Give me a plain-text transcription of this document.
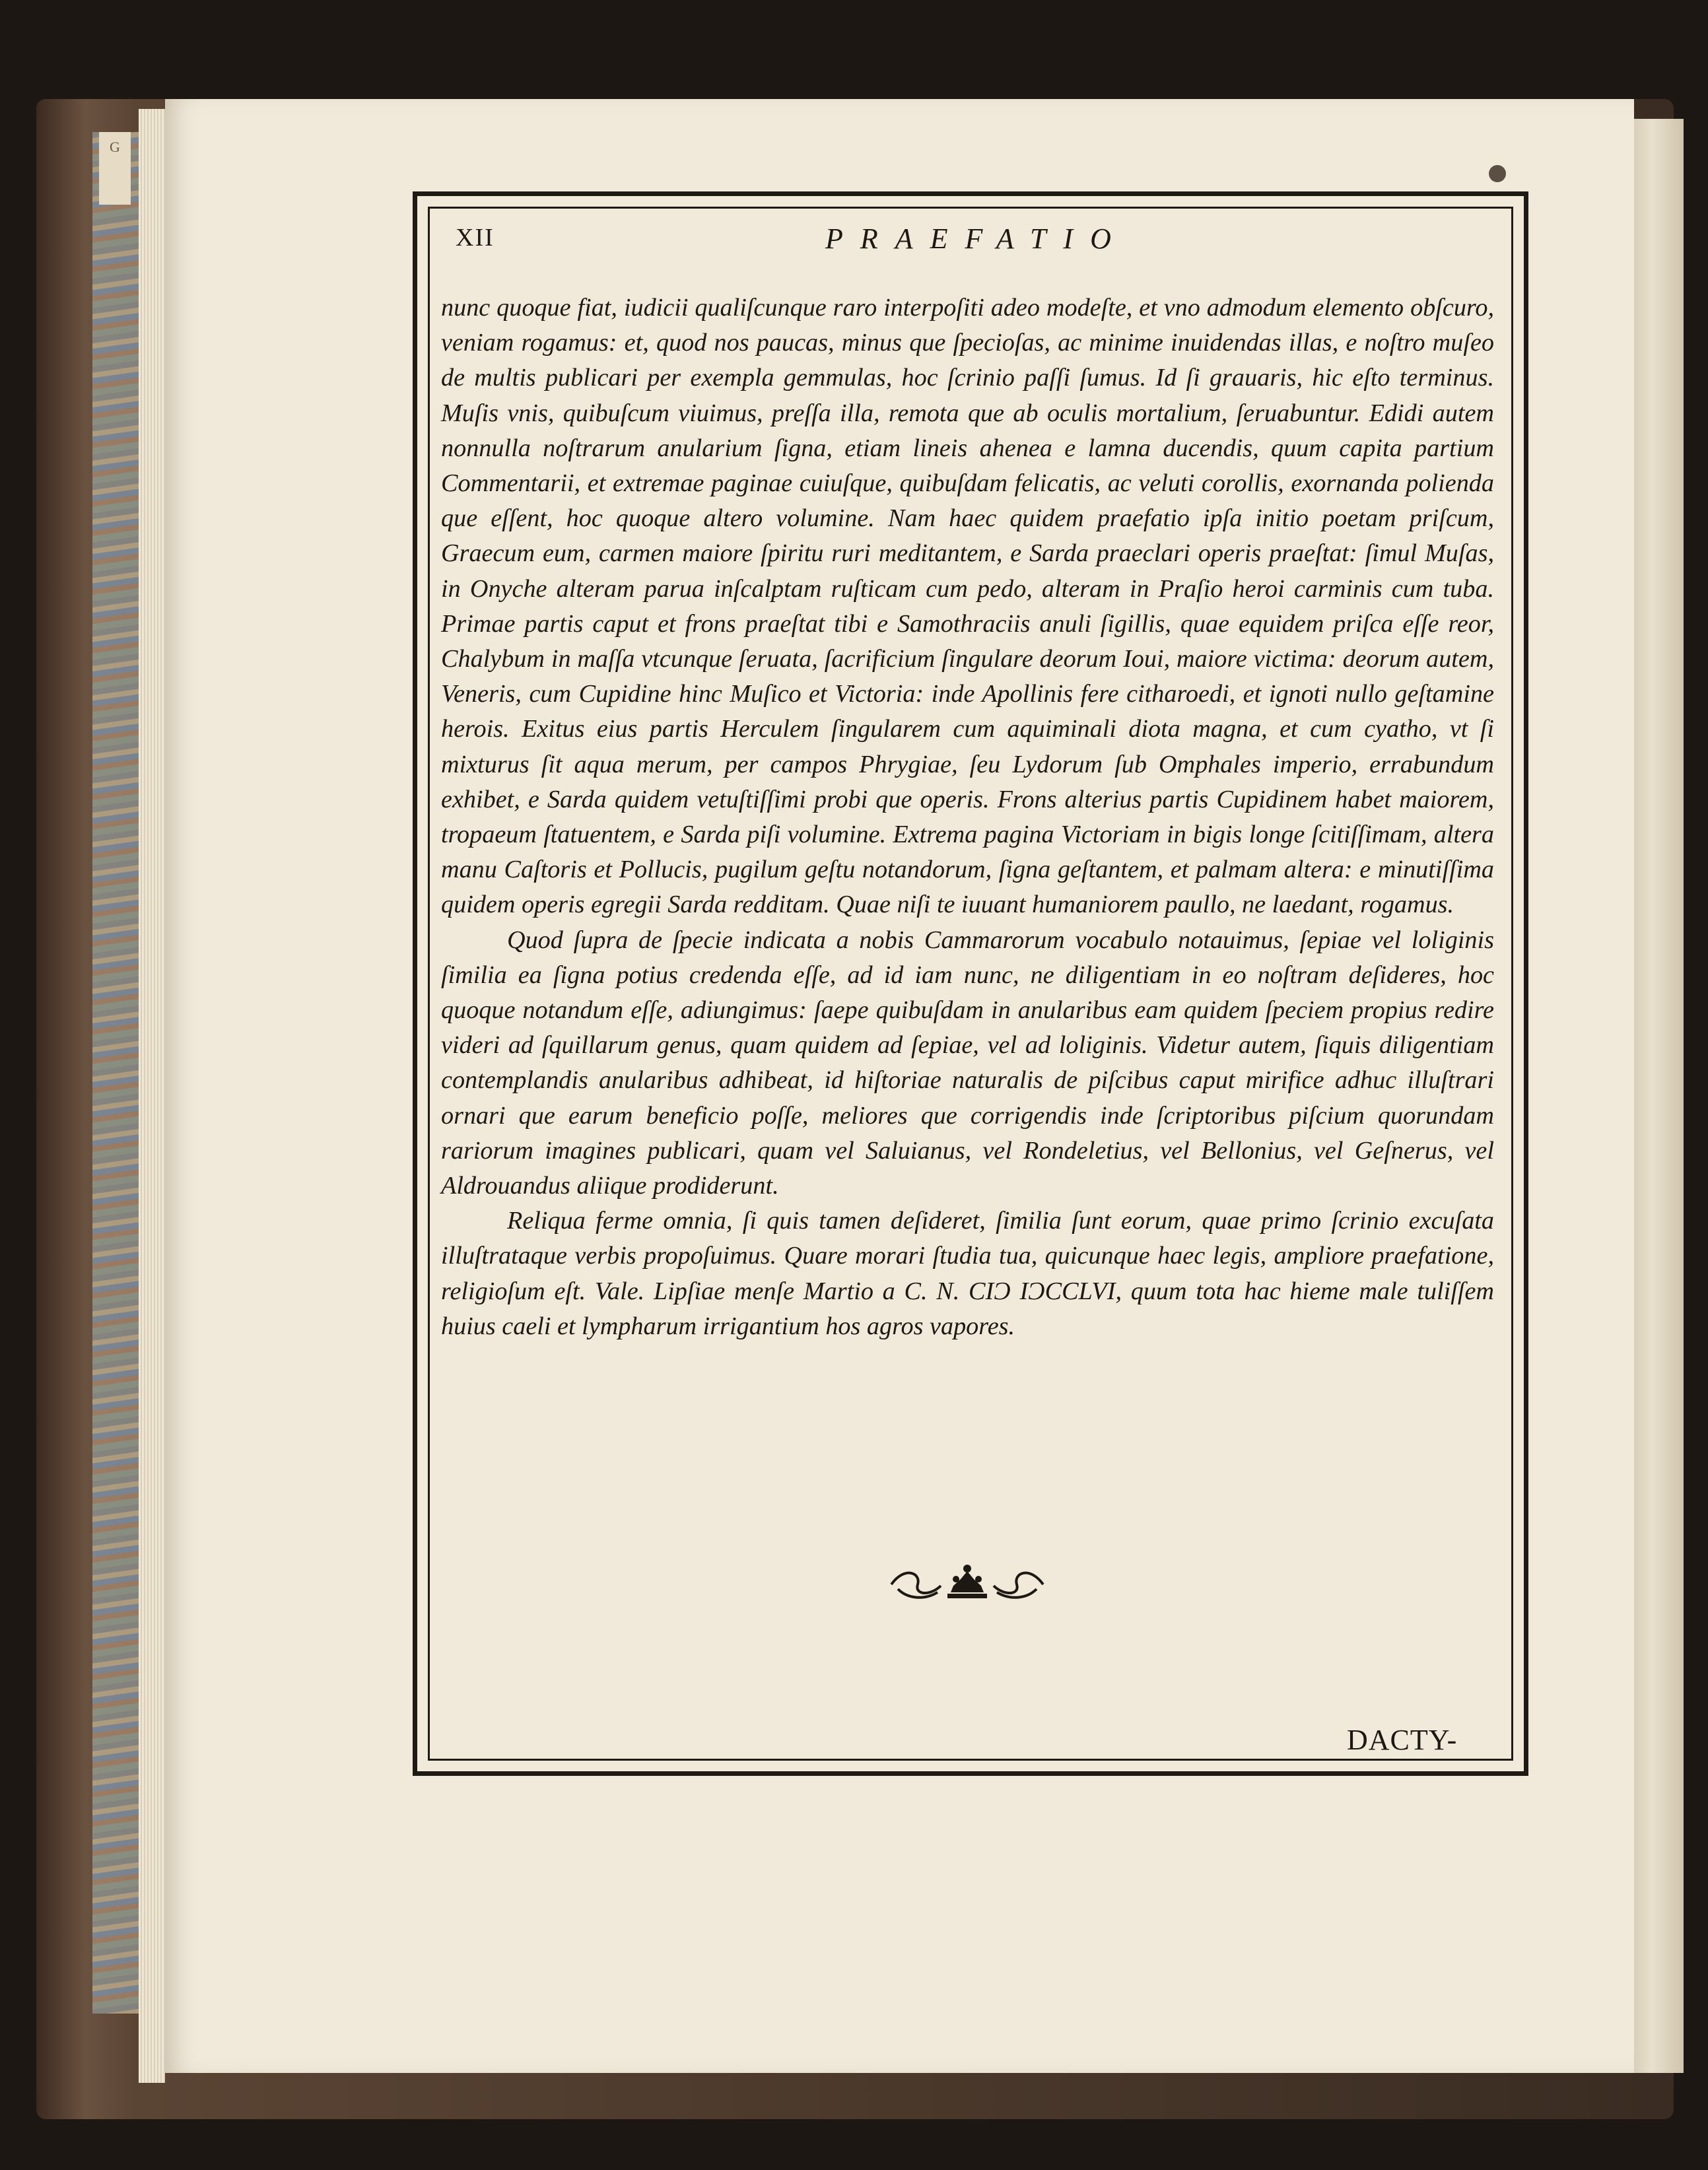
G
XII	PRAEFATIO

nunc quoque fiat, iudicii qualiſcunque raro interpoſiti adeo modeſte, et vno admodum elemento obſcuro, veniam rogamus: et, quod nos paucas, minus que ſpecioſas, ac minime inuidendas illas, e noſtro muſeo de multis publicari per exempla gemmulas, hoc ſcrinio paſſi ſumus. Id ſi grauaris, hic eſto terminus. Muſis vnis, quibuſcum viuimus, preſſa illa, remota que ab oculis mortalium, ſeruabuntur. Edidi autem nonnulla noſtrarum anularium ſigna, etiam lineis ahenea e lamna ducendis, quum capita partium Commentarii, et extremae paginae cuiuſque, quibuſdam felicatis, ac veluti corollis, exornanda polienda que eſſent, hoc quoque altero volumine. Nam haec quidem praefatio ipſa initio poetam priſcum, Graecum eum, carmen maiore ſpiritu ruri meditantem, e Sarda praeclari operis praeſtat: ſimul Muſas, in Onyche alteram parua inſcalptam ruſticam cum pedo, alteram in Praſio heroi carminis cum tuba. Primae partis caput et frons praeſtat tibi e Samothraciis anuli ſigillis, quae equidem priſca eſſe reor, Chalybum in maſſa vtcunque ſeruata, ſacrificium ſingulare deorum Ioui, maiore victima: deorum autem, Veneris, cum Cupidine hinc Muſico et Victoria: inde Apollinis fere citharoedi, et ignoti nullo geſtamine herois. Exitus eius partis Herculem ſingularem cum aquiminali diota magna, et cum cyatho, vt ſi mixturus ſit aqua merum, per campos Phrygiae, ſeu Lydorum ſub Omphales imperio, errabundum exhibet, e Sarda quidem vetuſtiſſimi probi que operis. Frons alterius partis Cupidinem habet maiorem, tropaeum ſtatuentem, e Sarda piſi volumine. Extrema pagina Victoriam in bigis longe ſcitiſſimam, altera manu Caſtoris et Pollucis, pugilum geſtu notandorum, ſigna geſtantem, et palmam altera: e minutiſſima quidem operis egregii Sarda redditam. Quae niſi te iuuant humaniorem paullo, ne laedant, rogamus.

Quod ſupra de ſpecie indicata a nobis Cammarorum vocabulo notauimus, ſepiae vel loliginis ſimilia ea ſigna potius credenda eſſe, ad id iam nunc, ne diligentiam in eo noſtram deſideres, hoc quoque notandum eſſe, adiungimus: ſaepe quibuſdam in anularibus eam quidem ſpeciem propius redire videri ad ſquillarum genus, quam quidem ad ſepiae, vel ad loliginis. Videtur autem, ſiquis diligentiam contemplandis anularibus adhibeat, id hiſtoriae naturalis de piſcibus caput mirifice adhuc illuſtrari ornari que earum beneficio poſſe, meliores que corrigendis inde ſcriptoribus piſcium quorundam rariorum imagines publicari, quam vel Saluianus, vel Rondeletius, vel Bellonius, vel Geſnerus, vel Aldrouandus aliique prodiderunt.

Reliqua ferme omnia, ſi quis tamen deſideret, ſimilia ſunt eorum, quae primo ſcrinio excuſata illuſtrataque verbis propoſuimus. Quare morari ſtudia tua, quicunque haec legis, ampliore praefatione, religioſum eſt. Vale. Lipſiae menſe Martio a C. N. CIƆ IƆCCLVI, quum tota hac hieme male tuliſſem huius caeli et lympharum irrigantium hos agros vapores.

DACTY-
